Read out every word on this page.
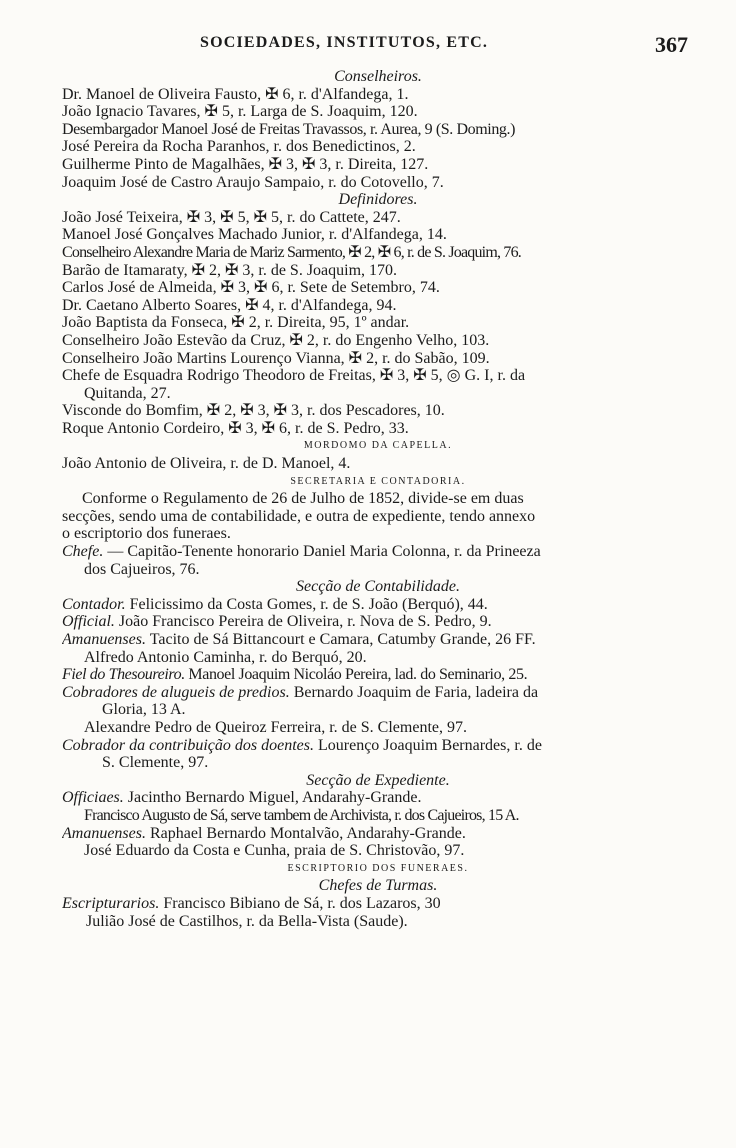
SOCIEDADES, INSTITUTOS, ETC.	367
Conselheiros.
Dr. Manoel de Oliveira Fausto, ✠ 6, r. d'Alfandega, 1.
João Ignacio Tavares, ✠ 5, r. Larga de S. Joaquim, 120.
Desembargador Manoel José de Freitas Travassos, r. Aurea, 9 (S. Doming.)
José Pereira da Rocha Paranhos, r. dos Benedictinos, 2.
Guilherme Pinto de Magalhães, ✠ 3, ✠ 3, r. Direita, 127.
Joaquim José de Castro Araujo Sampaio, r. do Cotovello, 7.
Definidores.
João José Teixeira, ✠ 3, ✠ 5, ✠ 5, r. do Cattete, 247.
Manoel José Gonçalves Machado Junior, r. d'Alfandega, 14.
Conselheiro Alexandre Maria de Mariz Sarmento, ✠ 2, ✠ 6, r. de S. Joaquim, 76.
Barão de Itamaraty, ✠ 2, ✠ 3, r. de S. Joaquim, 170.
Carlos José de Almeida, ✠ 3, ✠ 6, r. Sete de Setembro, 74.
Dr. Caetano Alberto Soares, ✠ 4, r. d'Alfandega, 94.
João Baptista da Fonseca, ✠ 2, r. Direita, 95, 1º andar.
Conselheiro João Estevão da Cruz, ✠ 2, r. do Engenho Velho, 103.
Conselheiro João Martins Lourenço Vianna, ✠ 2, r. do Sabão, 109.
Chefe de Esquadra Rodrigo Theodoro de Freitas, ✠ 3, ✠ 5, ◎ G. I, r. da
Quitanda, 27.
Visconde do Bomfim, ✠ 2, ✠ 3, ✠ 3, r. dos Pescadores, 10.
Roque Antonio Cordeiro, ✠ 3, ✠ 6, r. de S. Pedro, 33.
MORDOMO DA CAPELLA.
João Antonio de Oliveira, r. de D. Manoel, 4.
SECRETARIA E CONTADORIA.
Conforme o Regulamento de 26 de Julho de 1852, divide-se em duas
secções, sendo uma de contabilidade, e outra de expediente, tendo annexo
o escriptorio dos funeraes.
Chefe. — Capitão-Tenente honorario Daniel Maria Colonna, r. da Prineeza
dos Cajueiros, 76.
Secção de Contabilidade.
Contador. Felicissimo da Costa Gomes, r. de S. João (Berquó), 44.
Official. João Francisco Pereira de Oliveira, r. Nova de S. Pedro, 9.
Amanuenses. Tacito de Sá Bittancourt e Camara, Catumby Grande, 26 FF.
Alfredo Antonio Caminha, r. do Berquó, 20.
Fiel do Thesoureiro. Manoel Joaquim Nicoláo Pereira, lad. do Seminario, 25.
Cobradores de alugueis de predios. Bernardo Joaquim de Faria, ladeira da
Gloria, 13 A.
Alexandre Pedro de Queiroz Ferreira, r. de S. Clemente, 97.
Cobrador da contribuição dos doentes. Lourenço Joaquim Bernardes, r. de
S. Clemente, 97.
Secção de Expediente.
Officiaes. Jacintho Bernardo Miguel, Andarahy-Grande.
Francisco Augusto de Sá, serve tambem de Archivista, r. dos Cajueiros, 15 A.
Amanuenses. Raphael Bernardo Montalvão, Andarahy-Grande.
José Eduardo da Costa e Cunha, praia de S. Christovão, 97.
ESCRIPTORIO DOS FUNERAES.
Chefes de Turmas.
Escripturarios. Francisco Bibiano de Sá, r. dos Lazaros, 30
Julião José de Castilhos, r. da Bella-Vista (Saude).
